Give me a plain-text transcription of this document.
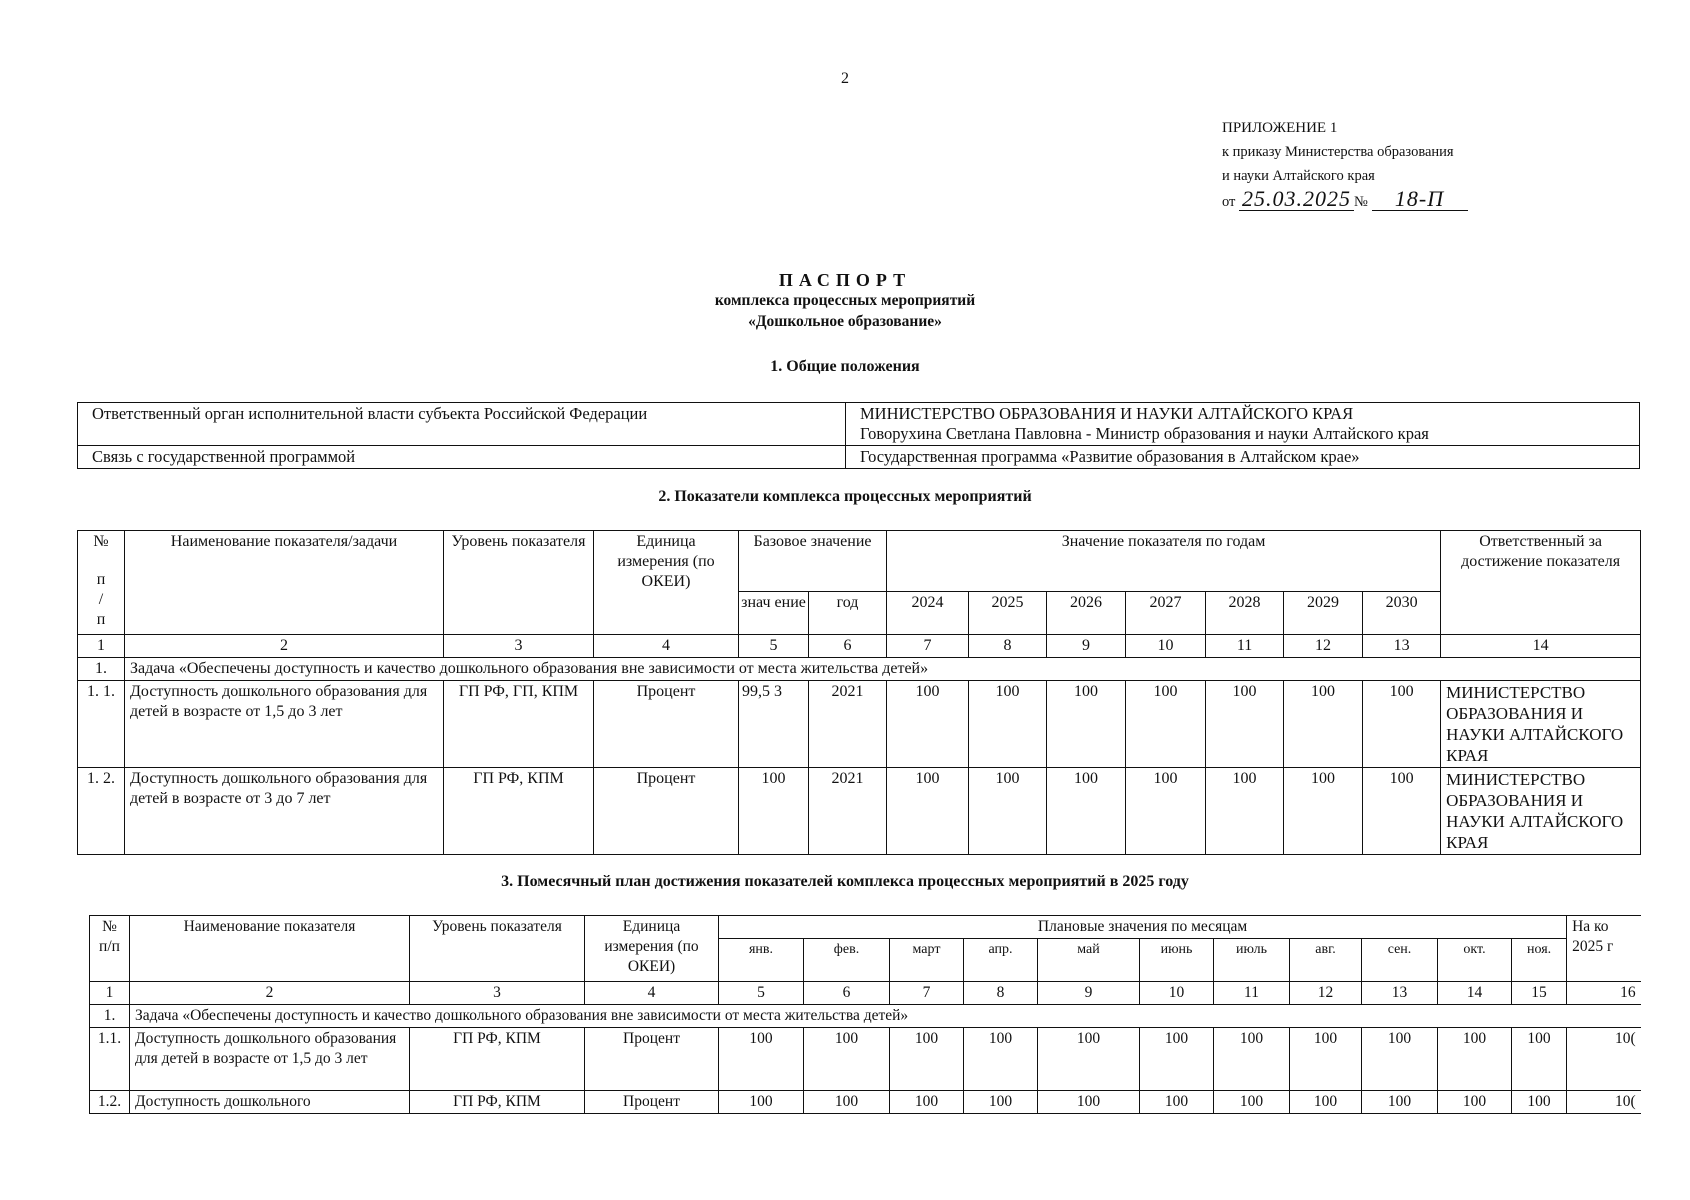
2
ПРИЛОЖЕНИЕ 1
к приказу Министерства образования
и науки Алтайского края
от 25.03.2025 № 18-П
ПАСПОРТ
комплекса процессных мероприятий
«Дошкольное образование»
1. Общие положения
Ответственный орган исполнительной власти субъекта Российской Федерации	МИНИСТЕРСТВО ОБРАЗОВАНИЯ И НАУКИ АЛТАЙСКОГО КРАЯ
Говорухина Светлана Павловна - Министр образования и науки Алтайского края

Связь с государственной программой	Государственная программа «Развитие образования в Алтайском крае»
2. Показатели комплекса процессных мероприятий
№
п
/
п	Наименование показателя/задачи	Уровень показателя	Единица измерения (по ОКЕИ)	Базовое значение		Значение показателя по годам							Ответственный за достижение показателя
				знач ение	год	2024	2025	2026	2027	2028	2029	2030	
1	2	3	4	5	6	7	8	9	10	11	12	13	14
1.	Задача «Обеспечены доступность и качество дошкольного образования вне зависимости от места жительства детей»												
1. 1.	Доступность дошкольного образования для детей в возрасте от 1,5 до 3 лет	ГП РФ, ГП, КПМ	Процент	99,5 3	2021	100	100	100	100	100	100	100	МИНИСТЕРСТВО ОБРАЗОВАНИЯ И НАУКИ АЛТАЙСКОГО КРАЯ
1. 2.	Доступность дошкольного образования для детей в возрасте от 3 до 7 лет	ГП РФ, КПМ	Процент	100	2021	100	100	100	100	100	100	100	МИНИСТЕРСТВО ОБРАЗОВАНИЯ И НАУКИ АЛТАЙСКОГО КРАЯ
3. Помесячный план достижения показателей комплекса процессных мероприятий в 2025 году
№ п/п	Наименование показателя	Уровень показателя	Единица измерения (по ОКЕИ)	Плановые значения по месяцам											На ко
2025 г

				янв.	фев.	март	апр.	май	июнь	июль	авг.	сен.	окт.	ноя.	
1	2	3	4	5	6	7	8	9	10	11	12	13	14	15	16
1.	Задача «Обеспечены доступность и качество дошкольного образования вне зависимости от места жительства детей»														
1.1.	Доступность дошкольного образования для детей в возрасте от 1,5 до 3 лет	ГП РФ, КПМ	Процент	100	100	100	100	100	100	100	100	100	100	100	10(
1.2.	Доступность дошкольного	ГП РФ, КПМ	Процент	100	100	100	100	100	100	100	100	100	100	100	10(
